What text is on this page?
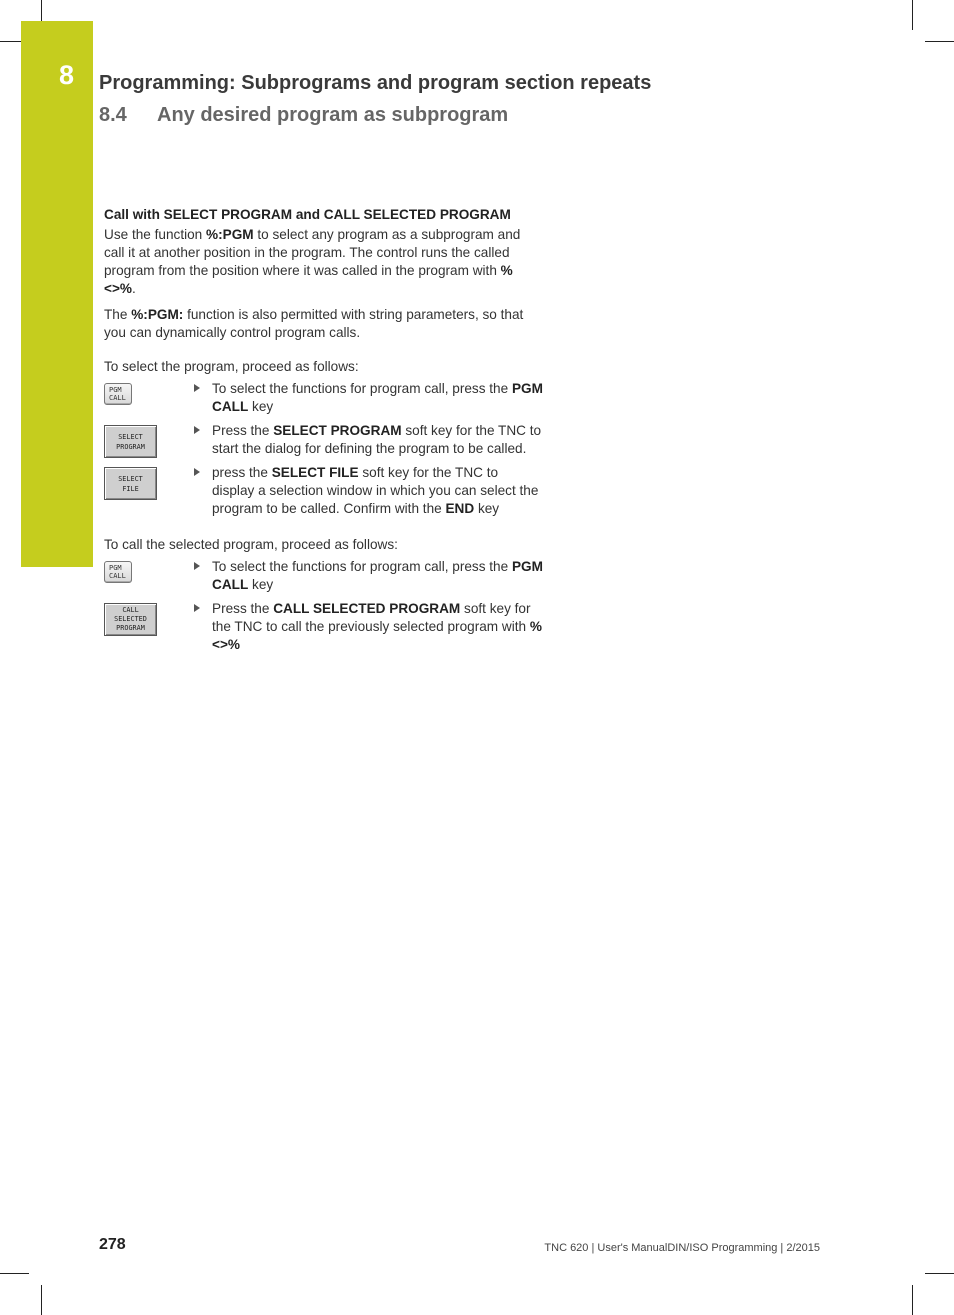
8	Programming: Subprograms and program section repeats
8.4 Any desired program as subprogram
Call with SELECT PROGRAM and CALL SELECTED PROGRAM

Use the function %:PGM to select any program as a subprogram and call it at another position in the program. The control runs the called program from the position where it was called in the program with %<>%.

The %:PGM: function is also permitted with string parameters, so that you can dynamically control program calls.

To select the program, proceed as follows:

PGM
CALL
To select the functions for program call, press the PGM CALL key
SELECT
PROGRAM
Press the SELECT PROGRAM soft key for the TNC to start the dialog for defining the program to be called.
SELECT
FILE
press the SELECT FILE soft key for the TNC to display a selection window in which you can select the program to be called. Confirm with the END key

To call the selected program, proceed as follows:

PGM
CALL
To select the functions for program call, press the PGM CALL key
CALL
SELECTED
PROGRAM
Press the CALL SELECTED PROGRAM soft key for the TNC to call the previously selected program with %<>%
278	TNC 620 | User's ManualDIN/ISO Programming | 2/2015
